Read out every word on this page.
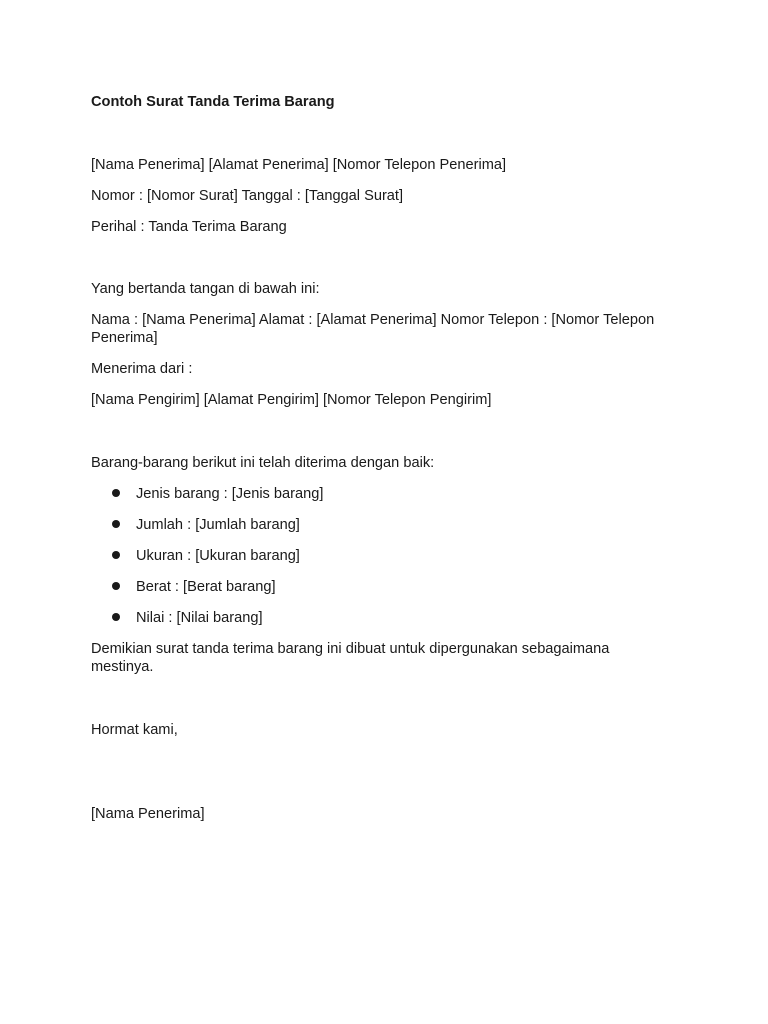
Contoh Surat Tanda Terima Barang
[Nama Penerima] [Alamat Penerima] [Nomor Telepon Penerima]
Nomor : [Nomor Surat] Tanggal : [Tanggal Surat]
Perihal : Tanda Terima Barang
Yang bertanda tangan di bawah ini:
Nama : [Nama Penerima] Alamat : [Alamat Penerima] Nomor Telepon : [Nomor Telepon Penerima]
Menerima dari :
[Nama Pengirim] [Alamat Pengirim] [Nomor Telepon Pengirim]
Barang-barang berikut ini telah diterima dengan baik:
Jenis barang : [Jenis barang]
Jumlah : [Jumlah barang]
Ukuran : [Ukuran barang]
Berat : [Berat barang]
Nilai : [Nilai barang]
Demikian surat tanda terima barang ini dibuat untuk dipergunakan sebagaimana mestinya.
Hormat kami,
[Nama Penerima]
